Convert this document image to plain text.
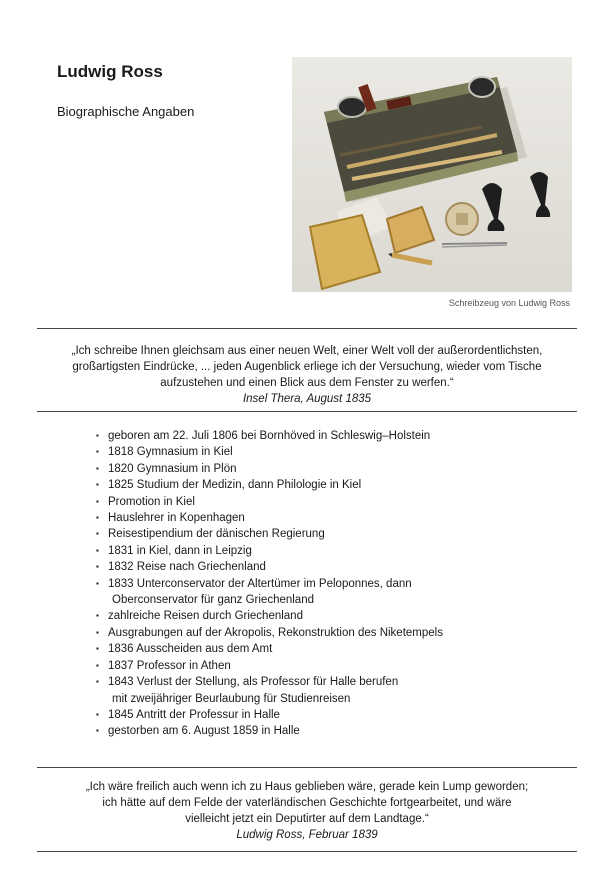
Ludwig Ross
Biographische Angaben
Schreibzeug von Ludwig Ross
„Ich schreibe Ihnen gleichsam aus einer neuen Welt, einer Welt voll der außerordentlichsten,
großartigsten Eindrücke, ... jeden Augenblick erliege ich der Versuchung, wieder vom Tische
aufzustehen und einen Blick aus dem Fenster zu werfen.“
Insel Thera, August 1835
▪ geboren am 22. Juli 1806 bei Bornhöved in Schleswig–Holstein
▪ 1818 Gymnasium in Kiel
▪ 1820 Gymnasium in Plön
▪ 1825 Studium der Medizin, dann Philologie in Kiel
▪ Promotion in Kiel
▪ Hauslehrer in Kopenhagen
▪ Reisestipendium der dänischen Regierung
▪ 1831 in Kiel, dann in Leipzig
▪ 1832 Reise nach Griechenland
▪ 1833 Unterconservator der Altertümer im Peloponnes, dann
Oberconservator für ganz Griechenland
▪ zahlreiche Reisen durch Griechenland
▪ Ausgrabungen auf der Akropolis, Rekonstruktion des Niketempels
▪ 1836 Ausscheiden aus dem Amt
▪ 1837 Professor in Athen
▪ 1843 Verlust der Stellung, als Professor für Halle berufen
mit zweijähriger Beurlaubung für Studienreisen
▪ 1845 Antritt der Professur in Halle
▪ gestorben am 6. August 1859 in Halle
„Ich wäre freilich auch wenn ich zu Haus geblieben wäre, gerade kein Lump geworden;
ich hätte auf dem Felde der vaterländischen Geschichte fortgearbeitet, und wäre
vielleicht jetzt ein Deputirter auf dem Landtage.“
Ludwig Ross, Februar 1839
